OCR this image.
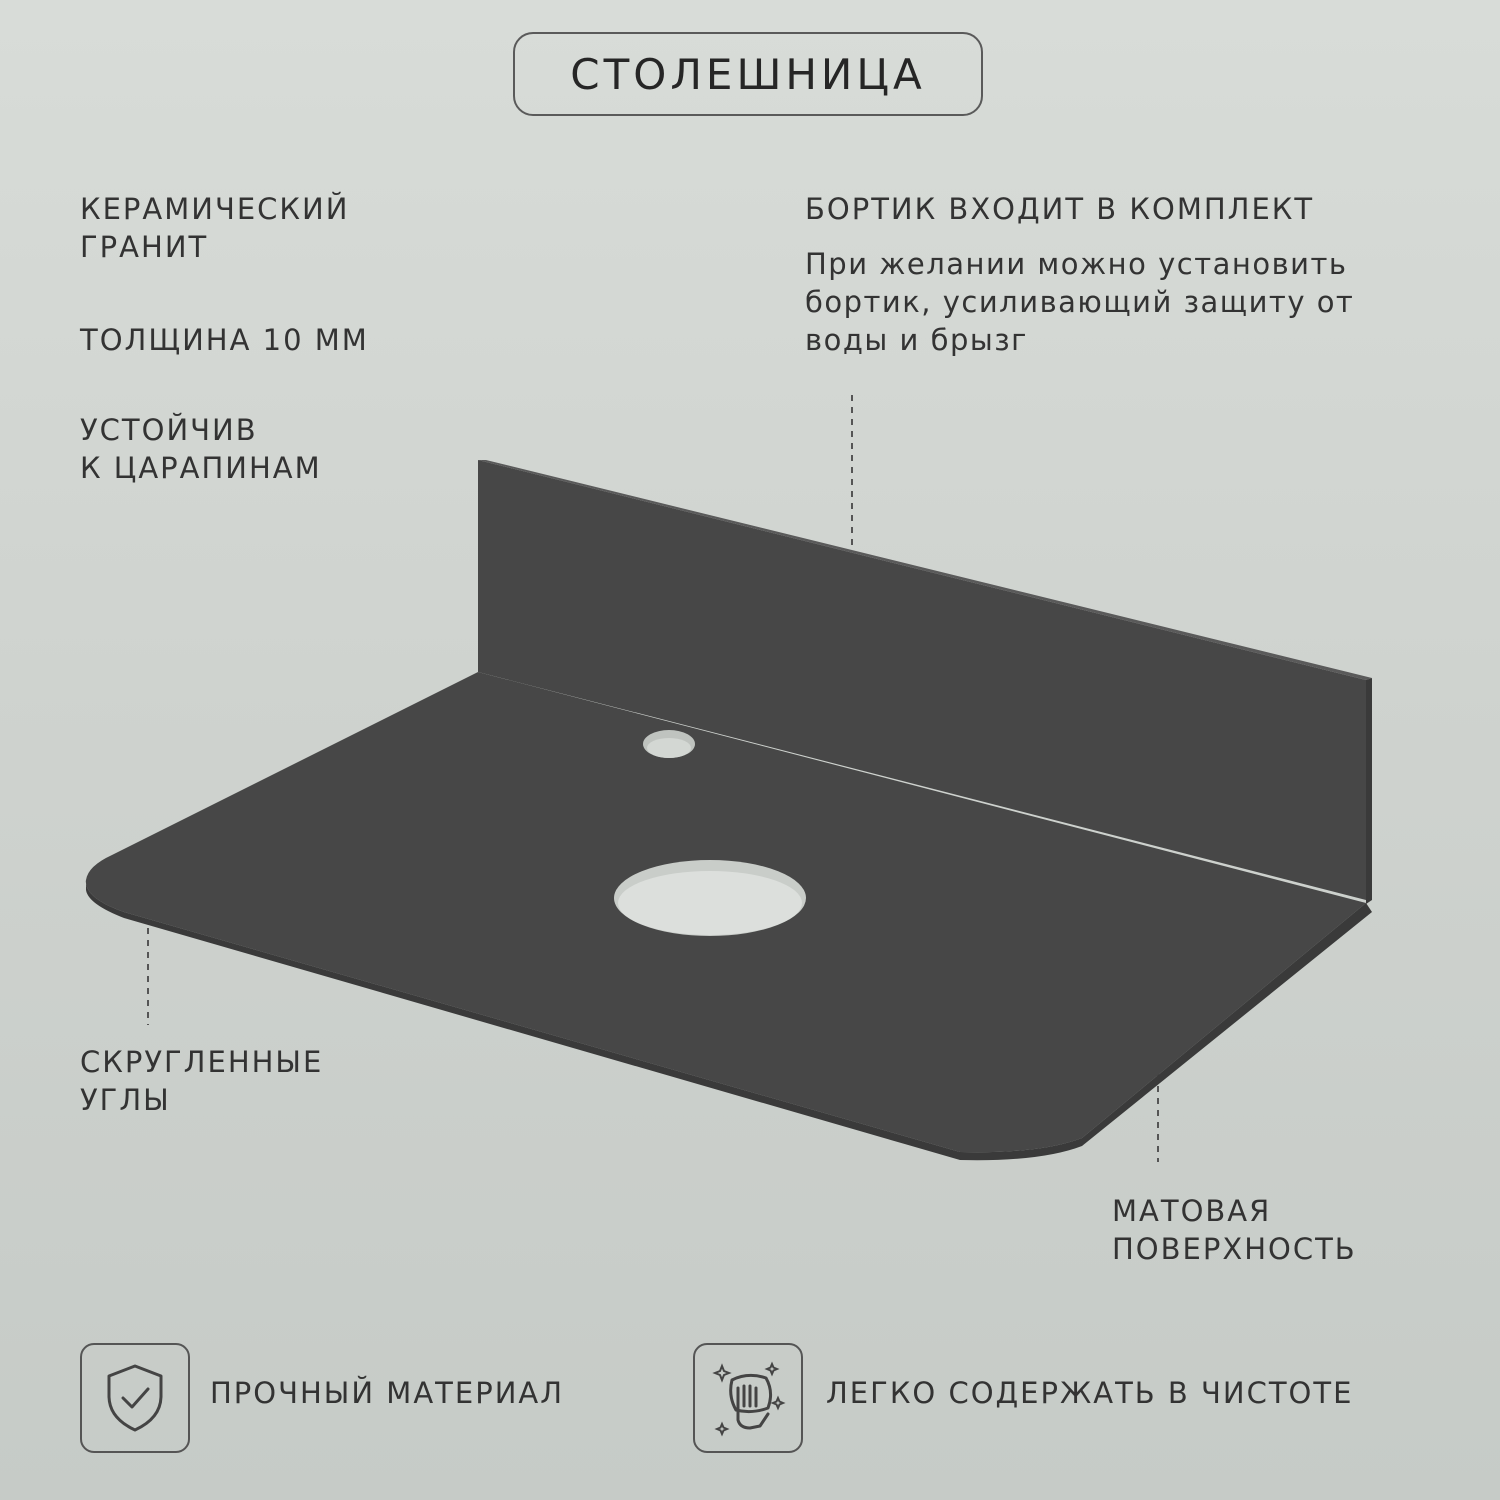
СТОЛЕШНИЦА
КЕРАМИЧЕСКИЙ
ГРАНИТ
ТОЛЩИНА 10 ММ
УСТОЙЧИВ
К ЦАРАПИНАМ
БОРТИК ВХОДИТ В КОМПЛЕКТ
При желании можно установить
бортик, усиливающий защиту от
воды и брызг
СКРУГЛЕННЫЕ
УГЛЫ
МАТОВАЯ
ПОВЕРХНОСТЬ
ПРОЧНЫЙ МАТЕРИАЛ	ЛЕГКО СОДЕРЖАТЬ В ЧИСТОТЕ
